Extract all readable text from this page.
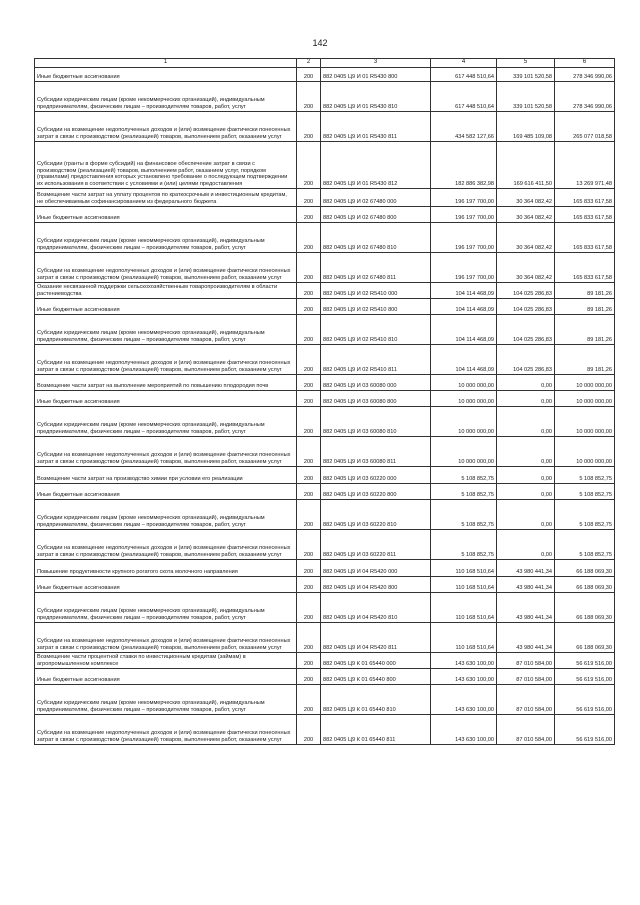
142
1	2	3	4	5	6
Иные бюджетные ассигнования	200	882 0405 Ц9 И 01 R5430 800	617 448 510,64	339 101 520,58	278 346 990,06
Субсидии юридическим лицам (кроме некоммерческих организаций), индивидуальным предпринимателям, физическим лицам – производителям товаров, работ, услуг	200	882 0405 Ц9 И 01 R5430 810	617 448 510,64	339 101 520,58	278 346 990,06
Субсидии на возмещение недополученных доходов и (или) возмещение фактически понесенных затрат в связи с производством (реализацией) товаров, выполнением работ, оказанием услуг	200	882 0405 Ц9 И 01 R5430 811	434 582 127,66	169 485 109,08	265 077 018,58
Субсидии (гранты в форме субсидий) на финансовое обеспечение затрат в связи с производством (реализацией) товаров, выполнением работ, оказанием услуг, порядком (правилами) предоставления которых установлено требование о последующем подтверждении их использования в соответствии с условиями и (или) целями предоставления	200	882 0405 Ц9 И 01 R5430 812	182 886 382,98	169 616 411,50	13 269 971,48
Возмещение части затрат на уплату процентов по краткосрочным и инвестиционным кредитам, не обеспечиваемым софинансированием из федерального бюджета	200	882 0405 Ц9 И 02 67480 000	196 197 700,00	30 364 082,42	165 833 617,58
Иные бюджетные ассигнования	200	882 0405 Ц9 И 02 67480 800	196 197 700,00	30 364 082,42	165 833 617,58
Субсидии юридическим лицам (кроме некоммерческих организаций), индивидуальным предпринимателям, физическим лицам – производителям товаров, работ, услуг	200	882 0405 Ц9 И 02 67480 810	196 197 700,00	30 364 082,42	165 833 617,58
Субсидии на возмещение недополученных доходов и (или) возмещение фактически понесенных затрат в связи с производством (реализацией) товаров, выполнением работ, оказанием услуг	200	882 0405 Ц9 И 02 67480 811	196 197 700,00	30 364 082,42	165 833 617,58
Оказание несвязанной поддержки сельскохозяйственным товаропроизводителям в области растениеводства	200	882 0405 Ц9 И 02 R5410 000	104 114 468,09	104 025 286,83	89 181,26
Иные бюджетные ассигнования	200	882 0405 Ц9 И 02 R5410 800	104 114 468,09	104 025 286,83	89 181,26
Субсидии юридическим лицам (кроме некоммерческих организаций), индивидуальным предпринимателям, физическим лицам – производителям товаров, работ, услуг	200	882 0405 Ц9 И 02 R5410 810	104 114 468,09	104 025 286,83	89 181,26
Субсидии на возмещение недополученных доходов и (или) возмещение фактически понесенных затрат в связи с производством (реализацией) товаров, выполнением работ, оказанием услуг	200	882 0405 Ц9 И 02 R5410 811	104 114 468,09	104 025 286,83	89 181,26
Возмещение части затрат на выполнение мероприятий по повышению плодородия почв	200	882 0405 Ц9 И 03 60080 000	10 000 000,00	0,00	10 000 000,00
Иные бюджетные ассигнования	200	882 0405 Ц9 И 03 60080 800	10 000 000,00	0,00	10 000 000,00
Субсидии юридическим лицам (кроме некоммерческих организаций), индивидуальным предпринимателям, физическим лицам – производителям товаров, работ, услуг	200	882 0405 Ц9 И 03 60080 810	10 000 000,00	0,00	10 000 000,00
Субсидии на возмещение недополученных доходов и (или) возмещение фактически понесенных затрат в связи с производством (реализацией) товаров, выполнением работ, оказанием услуг	200	882 0405 Ц9 И 03 60080 811	10 000 000,00	0,00	10 000 000,00
Возмещение части затрат на производство химии при условии его реализации	200	882 0405 Ц9 И 03 60220 000	5 108 852,75	0,00	5 108 852,75
Иные бюджетные ассигнования	200	882 0405 Ц9 И 03 60220 800	5 108 852,75	0,00	5 108 852,75
Субсидии юридическим лицам (кроме некоммерческих организаций), индивидуальным предпринимателям, физическим лицам – производителям товаров, работ, услуг	200	882 0405 Ц9 И 03 60220 810	5 108 852,75	0,00	5 108 852,75
Субсидии на возмещение недополученных доходов и (или) возмещение фактически понесенных затрат в связи с производством (реализацией) товаров, выполнением работ, оказанием услуг	200	882 0405 Ц9 И 03 60220 811	5 108 852,75	0,00	5 108 852,75
Повышение продуктивности крупного рогатого скота молочного направления	200	882 0405 Ц9 И 04 R5420 000	110 168 510,64	43 980 441,34	66 188 069,30
Иные бюджетные ассигнования	200	882 0405 Ц9 И 04 R5420 800	110 168 510,64	43 980 441,34	66 188 069,30
Субсидии юридическим лицам (кроме некоммерческих организаций), индивидуальным предпринимателям, физическим лицам – производителям товаров, работ, услуг	200	882 0405 Ц9 И 04 R5420 810	110 168 510,64	43 980 441,34	66 188 069,30
Субсидии на возмещение недополученных доходов и (или) возмещение фактически понесенных затрат в связи с производством (реализацией) товаров, выполнением работ, оказанием услуг	200	882 0405 Ц9 И 04 R5420 811	110 168 510,64	43 980 441,34	66 188 069,30
Возмещение части процентной ставки по инвестиционным кредитам (займам) в агропромышленном комплексе	200	882 0405 Ц9 К 01 65440 000	143 630 100,00	87 010 584,00	56 619 516,00
Иные бюджетные ассигнования	200	882 0405 Ц9 К 01 65440 800	143 630 100,00	87 010 584,00	56 619 516,00
Субсидии юридическим лицам (кроме некоммерческих организаций), индивидуальным предпринимателям, физическим лицам – производителям товаров, работ, услуг	200	882 0405 Ц9 К 01 65440 810	143 630 100,00	87 010 584,00	56 619 516,00
Субсидии на возмещение недополученных доходов и (или) возмещение фактически понесенных затрат в связи с производством (реализацией) товаров, выполнением работ, оказанием услуг	200	882 0405 Ц9 К 01 65440 811	143 630 100,00	87 010 584,00	56 619 516,00
